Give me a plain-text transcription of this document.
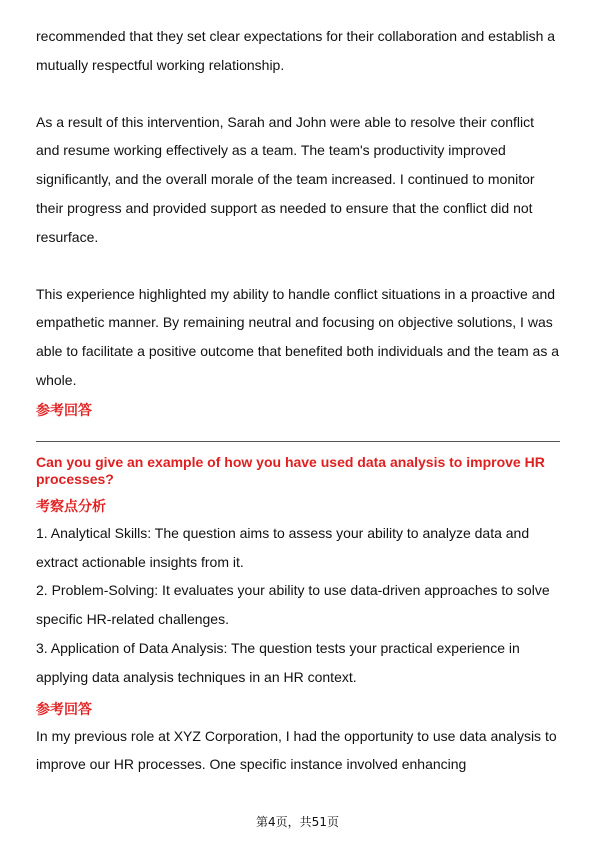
recommended that they set clear expectations for their collaboration and establish a mutually respectful working relationship.

As a result of this intervention, Sarah and John were able to resolve their conflict and resume working effectively as a team. The team's productivity improved significantly, and the overall morale of the team increased. I continued to monitor their progress and provided support as needed to ensure that the conflict did not resurface.

This experience highlighted my ability to handle conflict situations in a proactive and empathetic manner. By remaining neutral and focusing on objective solutions, I was able to facilitate a positive outcome that benefited both individuals and the team as a whole.

参考回答

Can you give an example of how you have used data analysis to improve HR processes?

考察点分析

1. Analytical Skills: The question aims to assess your ability to analyze data and extract actionable insights from it.

2. Problem-Solving: It evaluates your ability to use data-driven approaches to solve specific HR-related challenges.

3. Application of Data Analysis: The question tests your practical experience in applying data analysis techniques in an HR context.

参考回答

In my previous role at XYZ Corporation, I had the opportunity to use data analysis to improve our HR processes. One specific instance involved enhancing

第4页，共51页
